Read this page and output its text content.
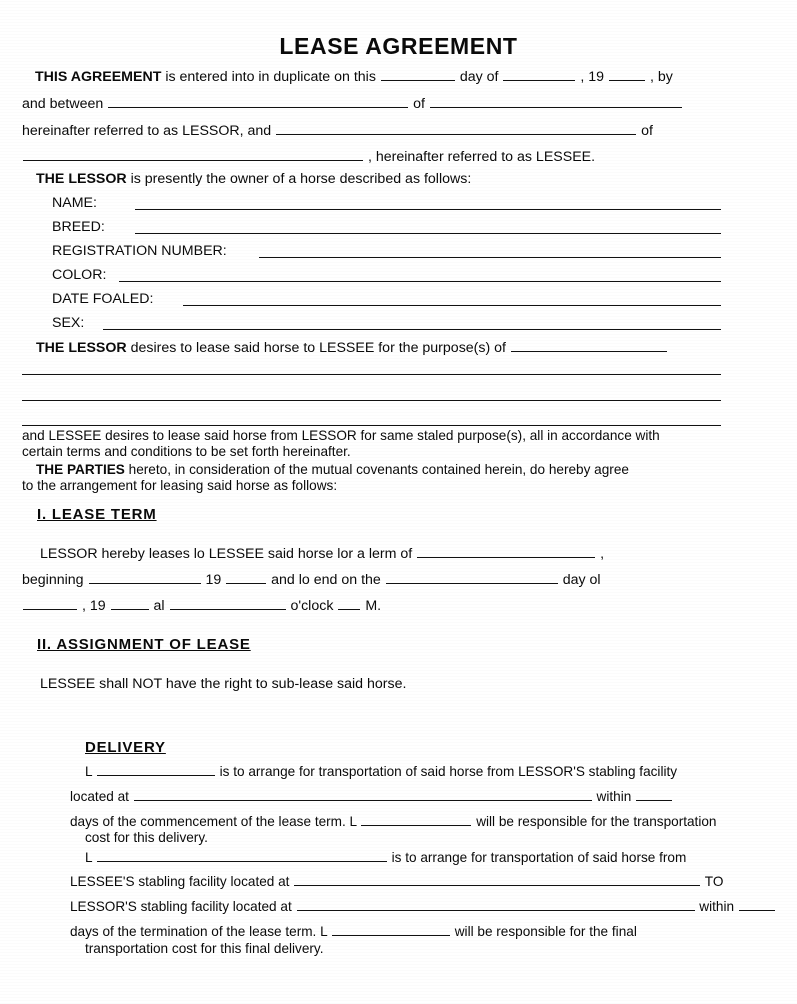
LEASE AGREEMENT
THIS AGREEMENT is entered into in duplicate on this	day of	, 19	, by
and between	of
hereinafter referred to as LESSOR, and	of
, hereinafter referred to as LESSEE.
THE LESSOR is presently the owner of a horse described as follows:
NAME:
BREED:
REGISTRATION NUMBER:
COLOR:
DATE FOALED:
SEX:
THE LESSOR desires to lease said horse to LESSEE for the purpose(s) of
and LESSEE desires to lease said horse from LESSOR for same staled purpose(s), all in accordance with
certain terms and conditions to be set forth hereinafter.
THE PARTIES hereto, in consideration of the mutual covenants contained herein, do hereby agree
to the arrangement for leasing said horse as follows:
I. LEASE TERM
LESSOR hereby leases lo LESSEE said horse lor a lerm of	,
beginning	19	and lo end on the	day ol
, 19	al	o'clock M.
II. ASSIGNMENT OF LEASE
LESSEE shall NOT have the right to sub-lease said horse.
DELIVERY
L	is to arrange for transportation of said horse from LESSOR'S stabling facility
located at	within
days of the commencement of the lease term. L	will be responsible for the transportation
cost for this delivery.
L	is to arrange for transportation of said horse from
LESSEE'S stabling facility located at	TO
LESSOR'S stabling facility located at	within
days of the termination of the lease term. L	will be responsible for the final
transportation cost for this final delivery.
